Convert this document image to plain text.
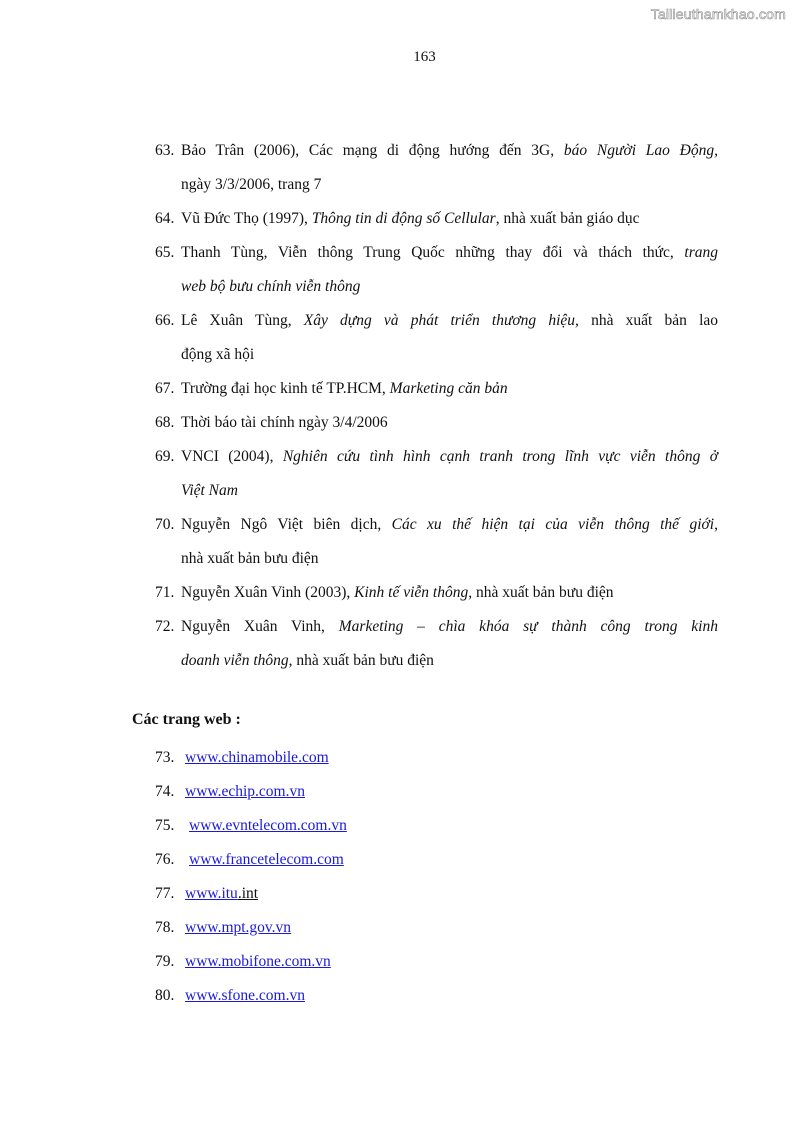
Tailieuthamkhao.com
163
63. Bảo Trân (2006), Các mạng di động hướng đến 3G, báo Người Lao Động,
ngày 3/3/2006, trang 7
64. Vũ Đức Thọ (1997), Thông tin di động số Cellular, nhà xuất bản giáo dục
65. Thanh Tùng, Viễn thông Trung Quốc những thay đổi và thách thức, trang
web bộ bưu chính viễn thông
66. Lê Xuân Tùng, Xây dựng và phát triển thương hiệu, nhà xuất bản lao
động xã hội
67. Trường đại học kinh tế TP.HCM, Marketing căn bản
68. Thời báo tài chính ngày 3/4/2006
69. VNCI (2004), Nghiên cứu tình hình cạnh tranh trong lĩnh vực viễn thông ở
Việt Nam
70. Nguyễn Ngô Việt biên dịch, Các xu thế hiện tại của viễn thông thế giới,
nhà xuất bản bưu điện
71. Nguyễn Xuân Vinh (2003), Kinh tế viễn thông, nhà xuất bản bưu điện
72. Nguyễn Xuân Vinh, Marketing – chìa khóa sự thành công trong kinh
doanh viễn thông, nhà xuất bản bưu điện
Các trang web :
73. www.chinamobile.com
74. www.echip.com.vn
75. www.evntelecom.com.vn
76. www.francetelecom.com
77. www.itu.int
78. www.mpt.gov.vn
79. www.mobifone.com.vn
80. www.sfone.com.vn
